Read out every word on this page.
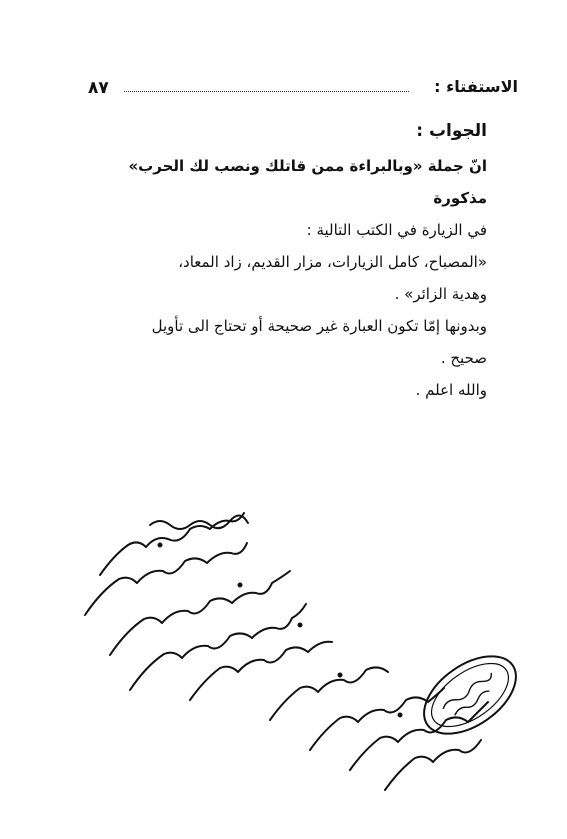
٨٧	الاستفتاء :

الجواب :

انّ جملة «وبالبراءة ممن قاتلك ونصب لك الحرب» مذكورة

في الزيارة في الكتب التالية :

«المصباح، كامل الزيارات، مزار القديم، زاد المعاد،

وهدية الزائر» .

وبدونها إمّا تكون العبارة غير صحيحة أو تحتاج الى تأويل

صحيح .

والله اعلم .
